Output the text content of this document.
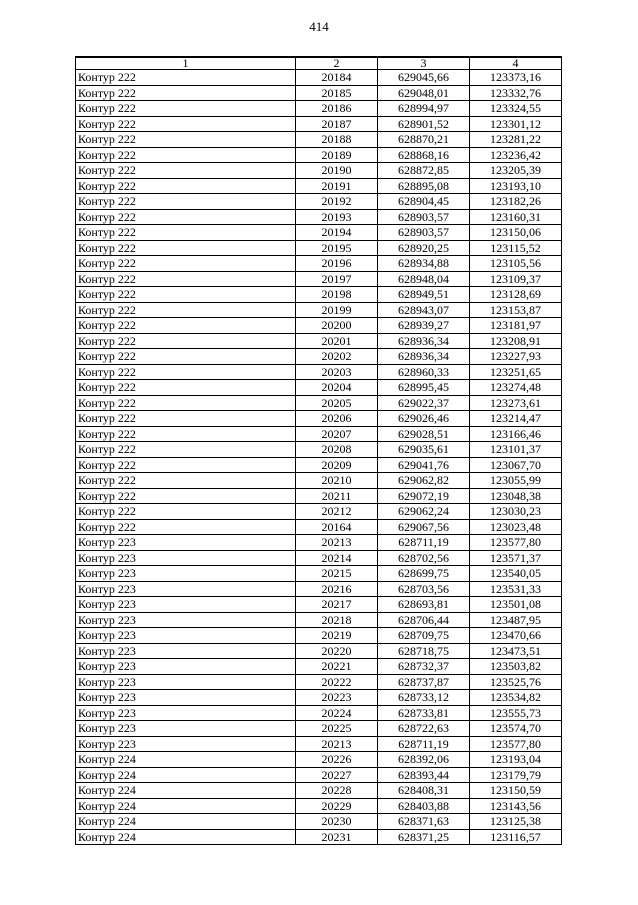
414
1	2	3	4
Контур 222	20184	629045,66	123373,16
Контур 222	20185	629048,01	123332,76
Контур 222	20186	628994,97	123324,55
Контур 222	20187	628901,52	123301,12
Контур 222	20188	628870,21	123281,22
Контур 222	20189	628868,16	123236,42
Контур 222	20190	628872,85	123205,39
Контур 222	20191	628895,08	123193,10
Контур 222	20192	628904,45	123182,26
Контур 222	20193	628903,57	123160,31
Контур 222	20194	628903,57	123150,06
Контур 222	20195	628920,25	123115,52
Контур 222	20196	628934,88	123105,56
Контур 222	20197	628948,04	123109,37
Контур 222	20198	628949,51	123128,69
Контур 222	20199	628943,07	123153,87
Контур 222	20200	628939,27	123181,97
Контур 222	20201	628936,34	123208,91
Контур 222	20202	628936,34	123227,93
Контур 222	20203	628960,33	123251,65
Контур 222	20204	628995,45	123274,48
Контур 222	20205	629022,37	123273,61
Контур 222	20206	629026,46	123214,47
Контур 222	20207	629028,51	123166,46
Контур 222	20208	629035,61	123101,37
Контур 222	20209	629041,76	123067,70
Контур 222	20210	629062,82	123055,99
Контур 222	20211	629072,19	123048,38
Контур 222	20212	629062,24	123030,23
Контур 222	20164	629067,56	123023,48
Контур 223	20213	628711,19	123577,80
Контур 223	20214	628702,56	123571,37
Контур 223	20215	628699,75	123540,05
Контур 223	20216	628703,56	123531,33
Контур 223	20217	628693,81	123501,08
Контур 223	20218	628706,44	123487,95
Контур 223	20219	628709,75	123470,66
Контур 223	20220	628718,75	123473,51
Контур 223	20221	628732,37	123503,82
Контур 223	20222	628737,87	123525,76
Контур 223	20223	628733,12	123534,82
Контур 223	20224	628733,81	123555,73
Контур 223	20225	628722,63	123574,70
Контур 223	20213	628711,19	123577,80
Контур 224	20226	628392,06	123193,04
Контур 224	20227	628393,44	123179,79
Контур 224	20228	628408,31	123150,59
Контур 224	20229	628403,88	123143,56
Контур 224	20230	628371,63	123125,38
Контур 224	20231	628371,25	123116,57
